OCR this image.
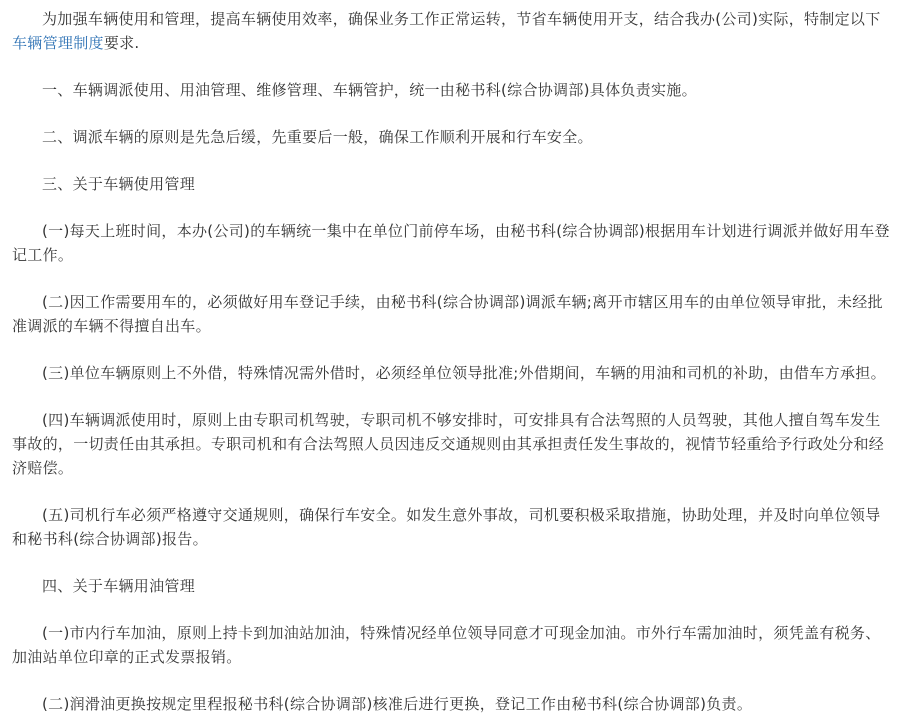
为加强车辆使用和管理，提高车辆使用效率，确保业务工作正常运转，节省车辆使用开支，结合我办(公司)实际，特制定以下车辆管理制度要求.

一、车辆调派使用、用油管理、维修管理、车辆管护，统一由秘书科(综合协调部)具体负责实施。

二、调派车辆的原则是先急后缓，先重要后一般，确保工作顺利开展和行车安全。

三、关于车辆使用管理

(一)每天上班时间，本办(公司)的车辆统一集中在单位门前停车场，由秘书科(综合协调部)根据用车计划进行调派并做好用车登记工作。

(二)因工作需要用车的，必须做好用车登记手续，由秘书科(综合协调部)调派车辆;离开市辖区用车的由单位领导审批，未经批准调派的车辆不得擅自出车。

(三)单位车辆原则上不外借，特殊情况需外借时，必须经单位领导批准;外借期间，车辆的用油和司机的补助，由借车方承担。

(四)车辆调派使用时，原则上由专职司机驾驶，专职司机不够安排时，可安排具有合法驾照的人员驾驶，其他人擅自驾车发生事故的，一切责任由其承担。专职司机和有合法驾照人员因违反交通规则由其承担责任发生事故的，视情节轻重给予行政处分和经济赔偿。

(五)司机行车必须严格遵守交通规则，确保行车安全。如发生意外事故，司机要积极采取措施，协助处理，并及时向单位领导和秘书科(综合协调部)报告。

四、关于车辆用油管理

(一)市内行车加油，原则上持卡到加油站加油，特殊情况经单位领导同意才可现金加油。市外行车需加油时，须凭盖有税务、加油站单位印章的正式发票报销。

(二)润滑油更换按规定里程报秘书科(综合协调部)核准后进行更换，登记工作由秘书科(综合协调部)负责。
